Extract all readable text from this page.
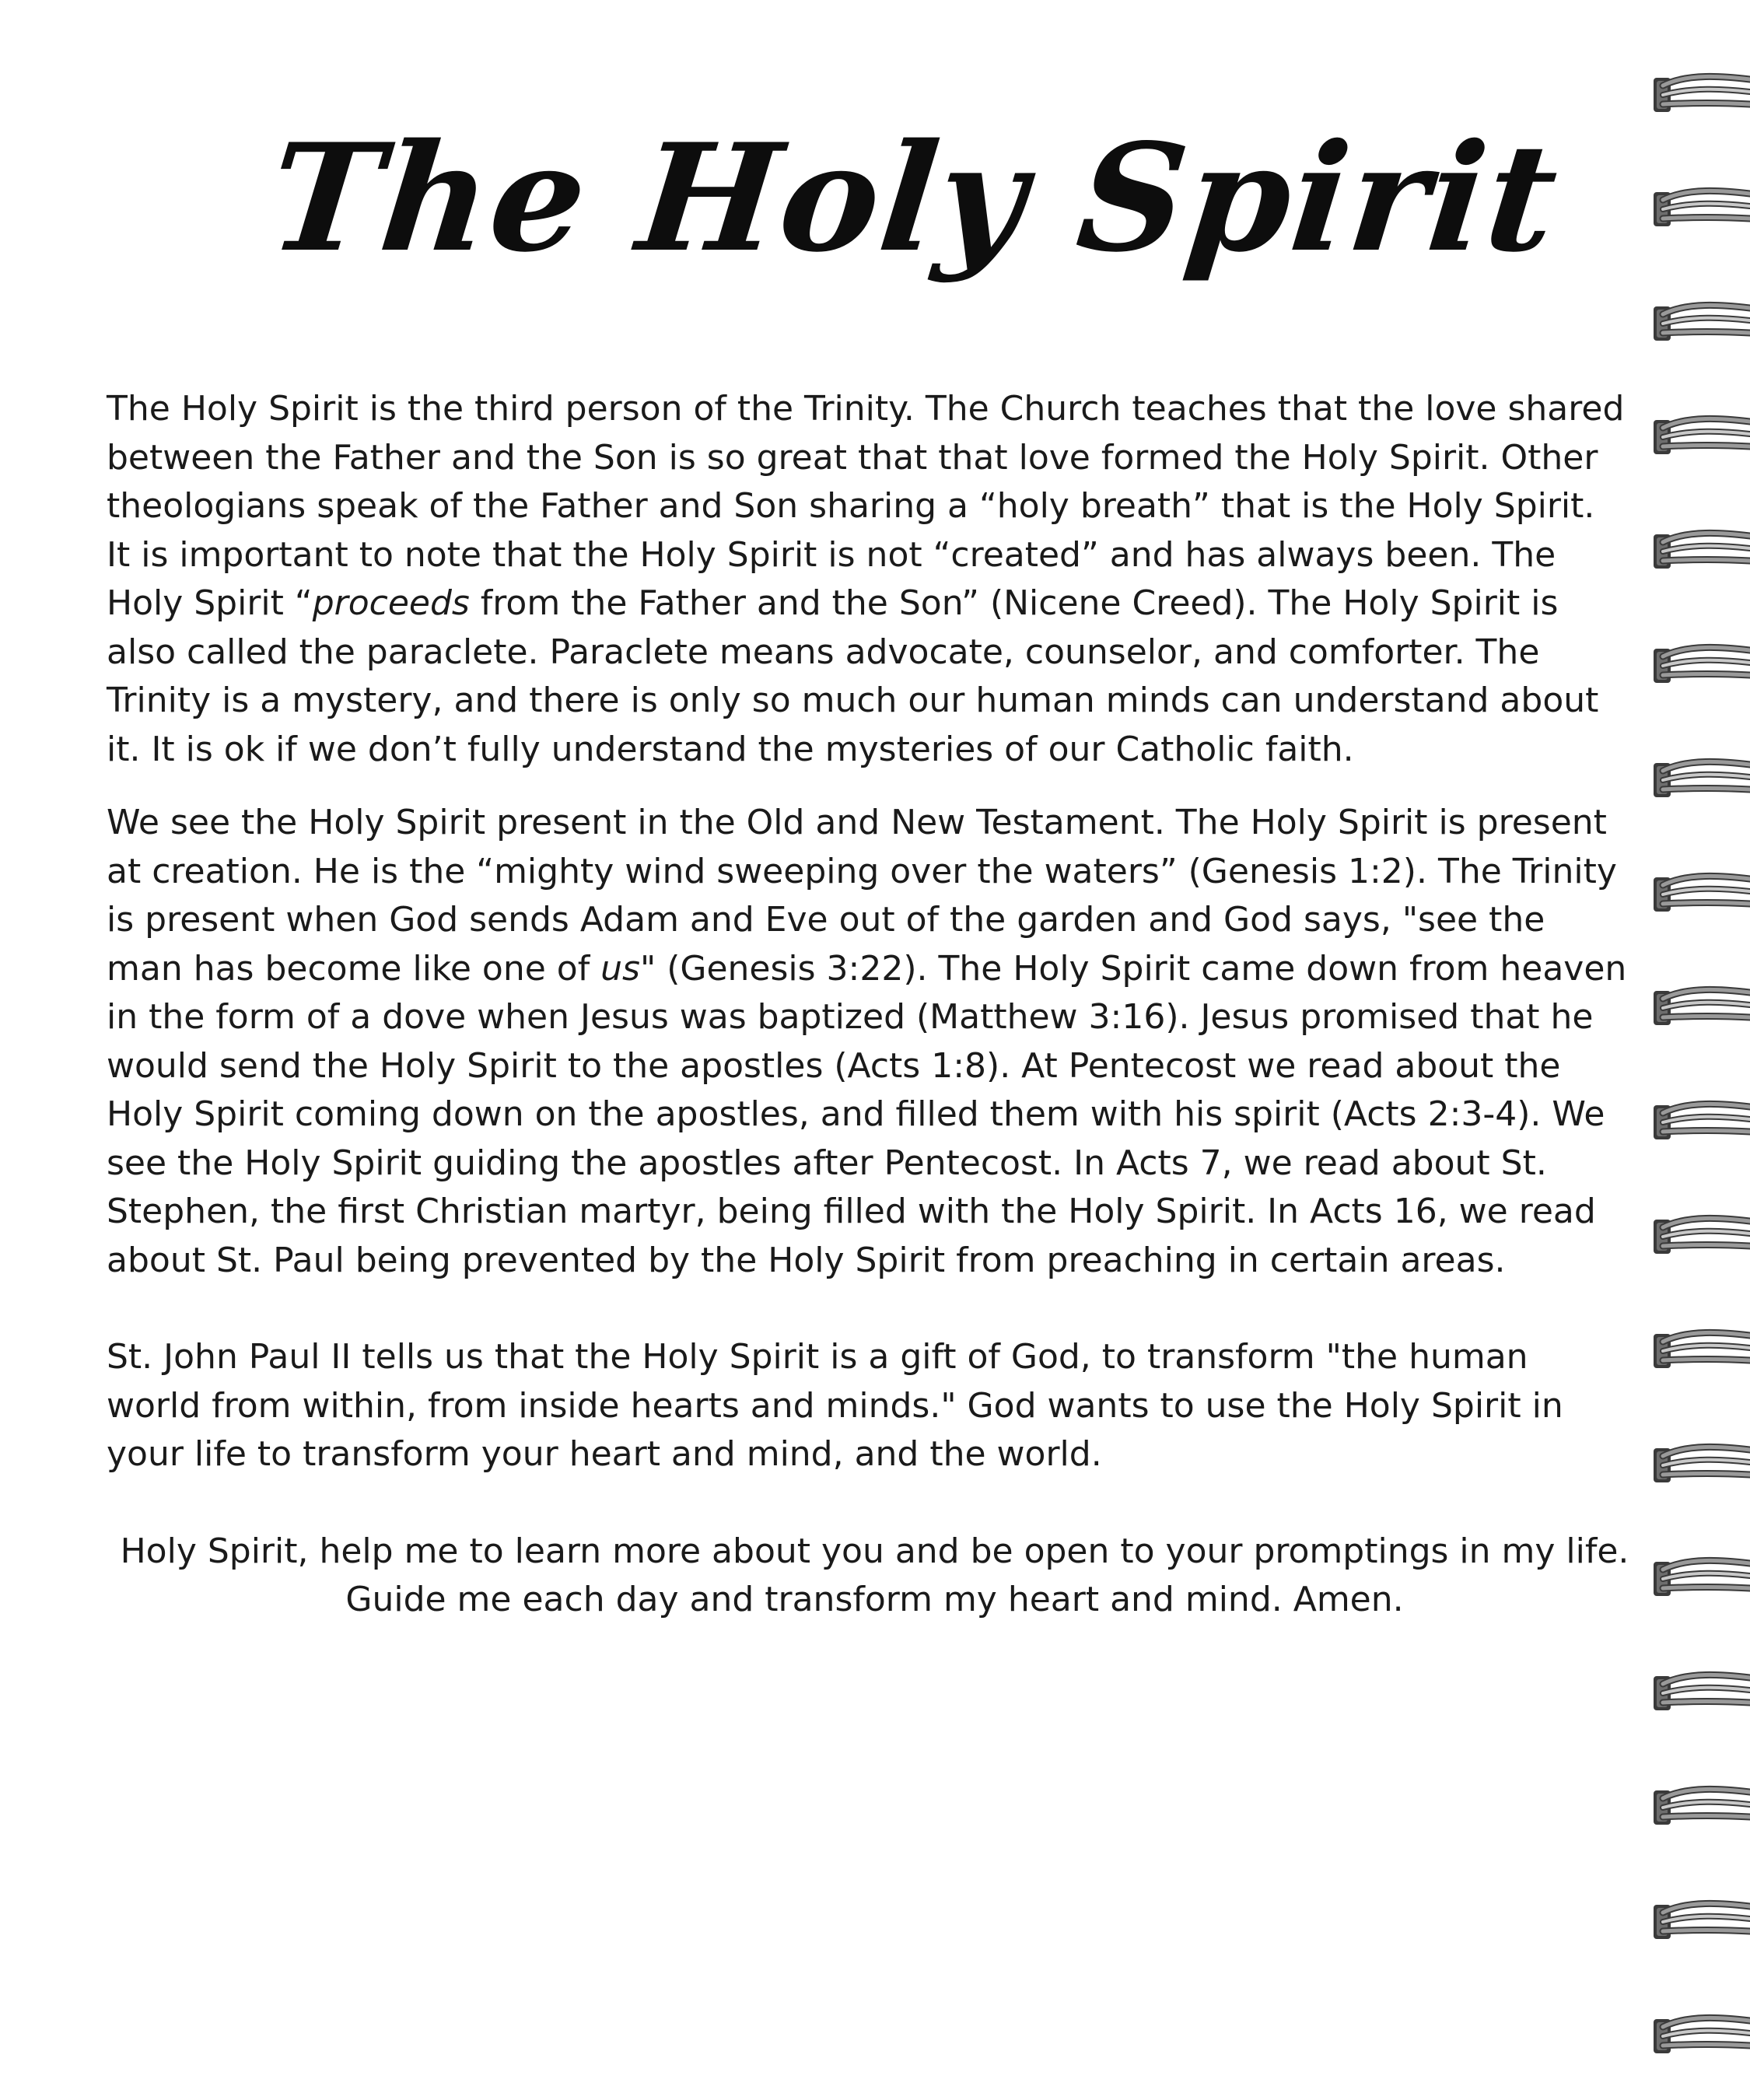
The Holy Spirit

The Holy Spirit is the third person of the Trinity. The Church teaches that the love shared between the Father and the Son is so great that that love formed the Holy Spirit. Other theologians speak of the Father and Son sharing a “holy breath” that is the Holy Spirit. It is important to note that the Holy Spirit is not “created” and has always been. The Holy Spirit “proceeds from the Father and the Son” (Nicene Creed). The Holy Spirit is also called the paraclete. Paraclete means advocate, counselor, and comforter. The Trinity is a mystery, and there is only so much our human minds can understand about it. It is ok if we don’t fully understand the mysteries of our Catholic faith.

We see the Holy Spirit present in the Old and New Testament. The Holy Spirit is present at creation. He is the “mighty wind sweeping over the waters” (Genesis 1:2). The Trinity is present when God sends Adam and Eve out of the garden and God says, "see the man has become like one of us" (Genesis 3:22). The Holy Spirit came down from heaven in the form of a dove when Jesus was baptized (Matthew 3:16). Jesus promised that he would send the Holy Spirit to the apostles (Acts 1:8). At Pentecost we read about the Holy Spirit coming down on the apostles, and filled them with his spirit (Acts 2:3-4). We see the Holy Spirit guiding the apostles after Pentecost. In Acts 7, we read about St. Stephen, the first Christian martyr, being filled with the Holy Spirit. In Acts 16, we read about St. Paul being prevented by the Holy Spirit from preaching in certain areas.

St. John Paul II tells us that the Holy Spirit is a gift of God, to transform "the human world from within, from inside hearts and minds." God wants to use the Holy Spirit in your life to transform your heart and mind, and the world.

Holy Spirit, help me to learn more about you and be open to your promptings in my life.
Guide me each day and transform my heart and mind. Amen.
